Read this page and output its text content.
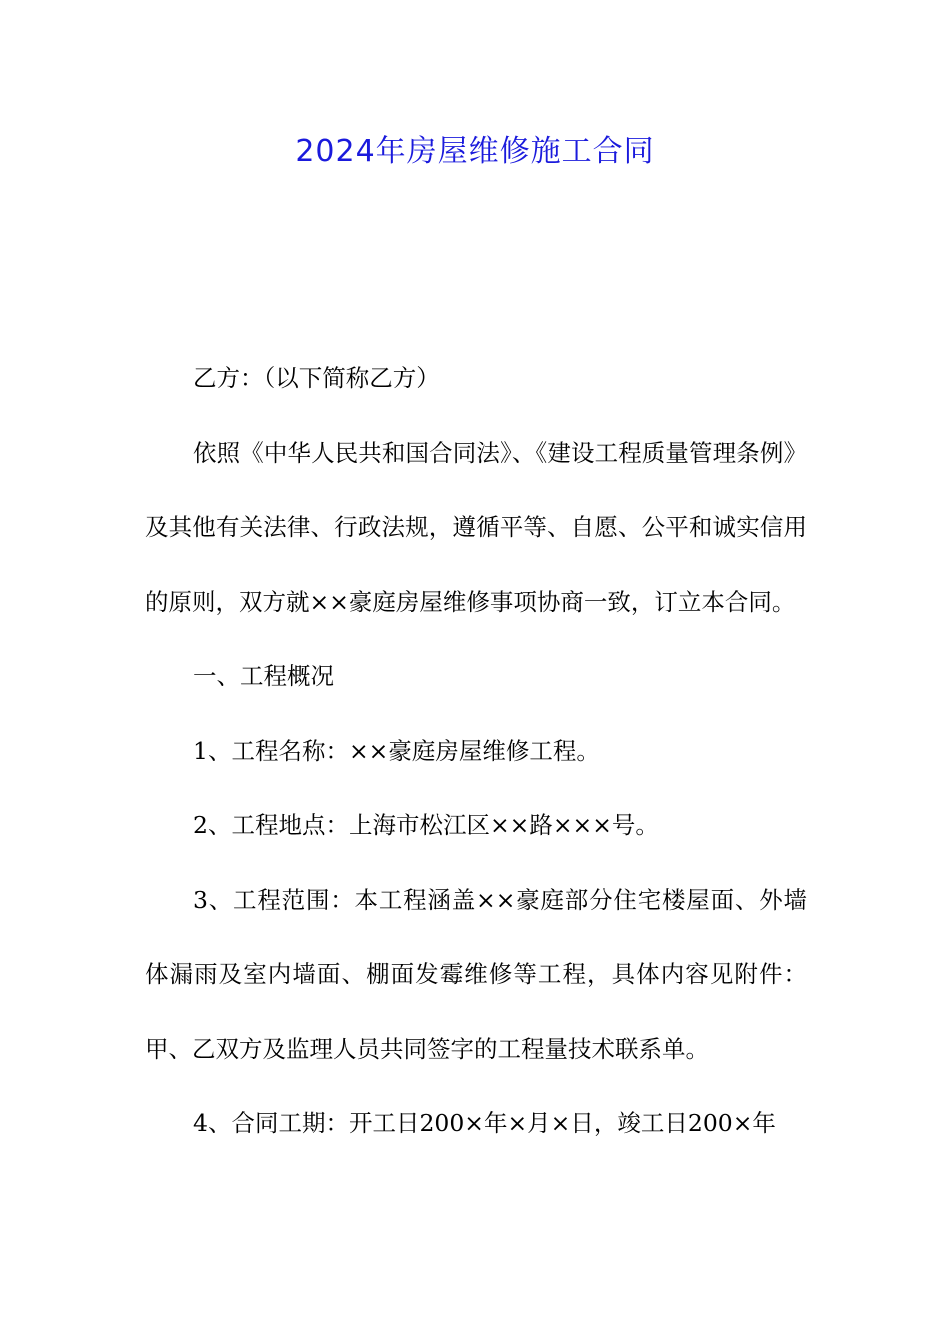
2024年房屋维修施工合同

乙方：（以下简称乙方）

依照《中华人民共和国合同法》、《建设工程质量管理条例》及其他有关法律、行政法规，遵循平等、自愿、公平和诚实信用的原则，双方就××豪庭房屋维修事项协商一致，订立本合同。

一、工程概况

1、工程名称：××豪庭房屋维修工程。

2、工程地点：上海市松江区××路×××号。

3、工程范围：本工程涵盖××豪庭部分住宅楼屋面、外墙体漏雨及室内墙面、棚面发霉维修等工程，具体内容见附件：甲、乙双方及监理人员共同签字的工程量技术联系单。

4、合同工期：开工日200×年×月×日，竣工日200×年
